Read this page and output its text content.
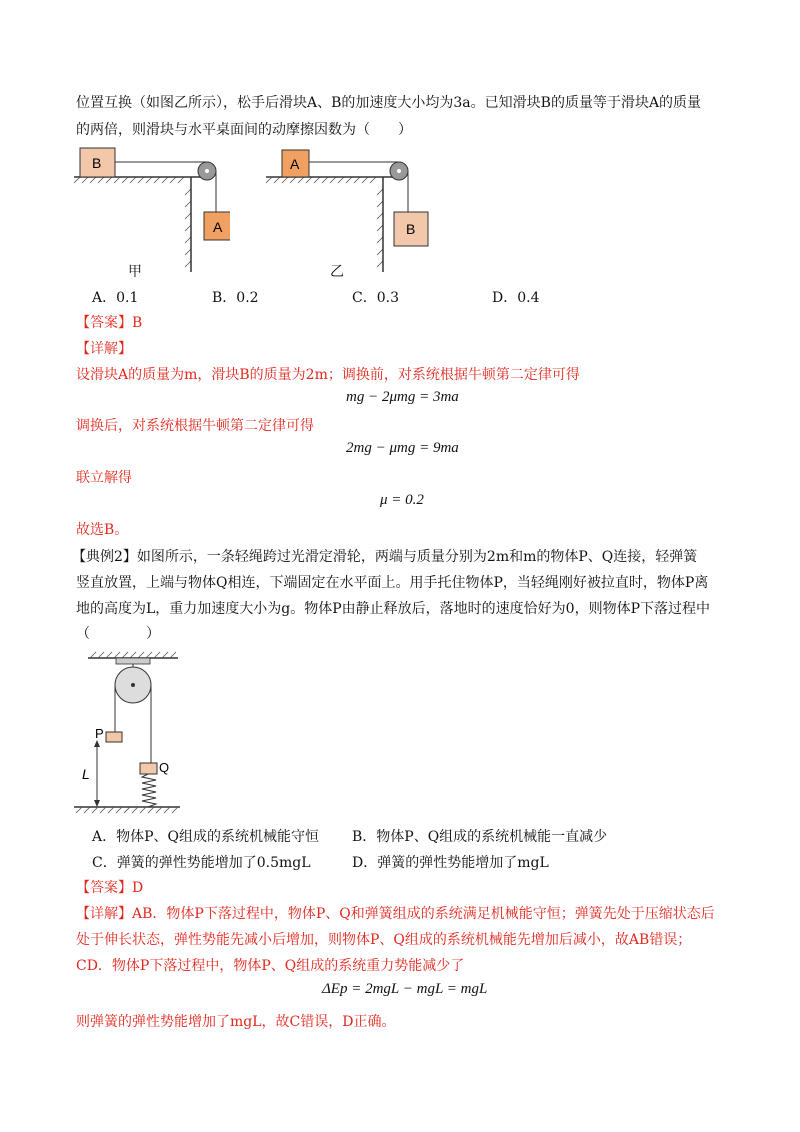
位置互换（如图乙所示），松手后滑块A、B的加速度大小均为3a。已知滑块B的质量等于滑块A的质量
的两倍，则滑块与水平桌面间的动摩擦因数为（　　）
B
A
甲
A
B
乙
A．0.1	B．0.2	C．0.3	D．0.4
【答案】B
【详解】
设滑块A的质量为m，滑块B的质量为2m；调换前，对系统根据牛顿第二定律可得
mg − 2μmg = 3ma
调换后，对系统根据牛顿第二定律可得
2mg − μmg = 9ma
联立解得
μ = 0.2
故选B。
【典例2】如图所示，一条轻绳跨过光滑定滑轮，两端与质量分别为2m和m的物体P、Q连接，轻弹簧
竖直放置，上端与物体Q相连，下端固定在水平面上。用手托住物体P，当轻绳刚好被拉直时，物体P离
地的高度为L，重力加速度大小为g。物体P由静止释放后，落地时的速度恰好为0，则物体P下落过程中
（　　　　）
P
Q
L
A．物体P、Q组成的系统机械能守恒 B．物体P、Q组成的系统机械能一直减少
C．弹簧的弹性势能增加了0.5mgL	D．弹簧的弹性势能增加了mgL
【答案】D
【详解】AB．物体P下落过程中，物体P、Q和弹簧组成的系统满足机械能守恒；弹簧先处于压缩状态后
处于伸长状态，弹性势能先减小后增加，则物体P、Q组成的系统机械能先增加后减小，故AB错误；
CD．物体P下落过程中，物体P、Q组成的系统重力势能减少了
ΔEp = 2mgL − mgL = mgL
则弹簧的弹性势能增加了mgL，故C错误，D正确。
